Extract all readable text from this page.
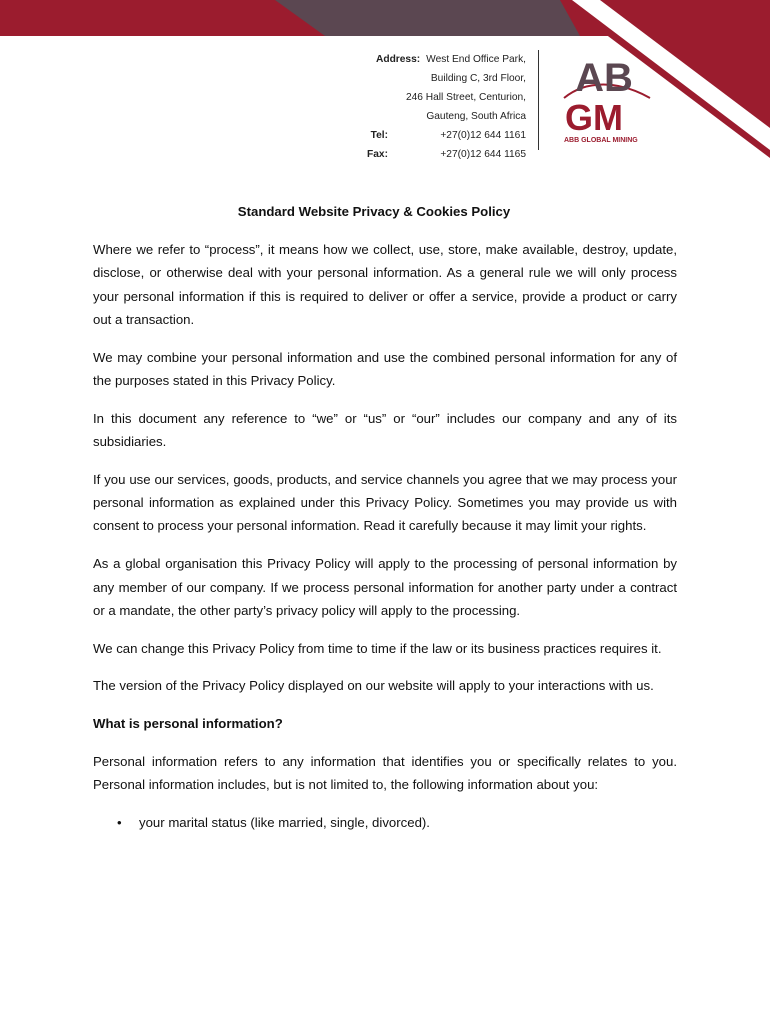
Address: West End Office Park,
Building C, 3rd Floor,
246 Hall Street, Centurion,
Gauteng, South Africa
Tel:	+27(0)12 644 1161
Fax:	+27(0)12 644 1165
AB
GM
ABB GLOBAL MINING
Standard Website Privacy & Cookies Policy

Where we refer to “process”, it means how we collect, use, store, make available, destroy, update, disclose, or otherwise deal with your personal information. As a general rule we will only process your personal information if this is required to deliver or offer a service, provide a product or carry out a transaction.

We may combine your personal information and use the combined personal information for any of the purposes stated in this Privacy Policy.

In this document any reference to “we” or “us” or “our” includes our company and any of its subsidiaries.

If you use our services, goods, products, and service channels you agree that we may process your personal information as explained under this Privacy Policy. Sometimes you may provide us with consent to process your personal information. Read it carefully because it may limit your rights.

As a global organisation this Privacy Policy will apply to the processing of personal information by any member of our company. If we process personal information for another party under a contract or a mandate, the other party’s privacy policy will apply to the processing.

We can change this Privacy Policy from time to time if the law or its business practices requires it.

The version of the Privacy Policy displayed on our website will apply to your interactions with us.

What is personal information?

Personal information refers to any information that identifies you or specifically relates to you. Personal information includes, but is not limited to, the following information about you:

• your marital status (like married, single, divorced).
